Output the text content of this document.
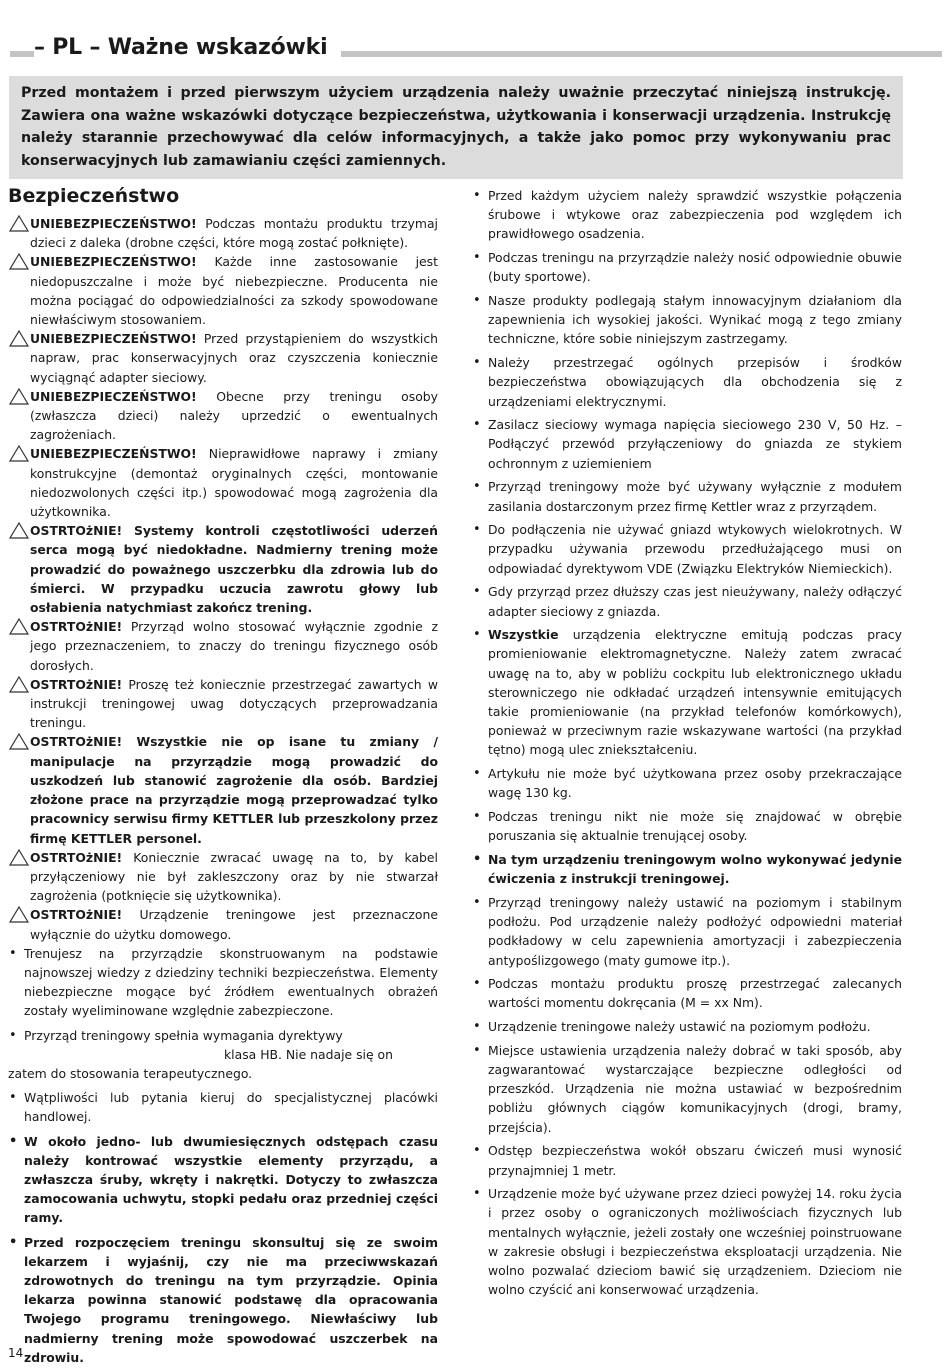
– PL – Ważne wskazówki
Przed montażem i przed pierwszym użyciem urządzenia należy uważnie przeczytać niniejszą instrukcję. Zawiera ona ważne wskazówki dotyczące bezpieczeństwa, użytkowania i konserwacji urządzenia. Instrukcję należy starannie przechowywać dla celów informacyjnych, a także jako pomoc przy wykonywaniu prac konserwacyjnych lub zamawianiu części zamiennych.
Bezpieczeństwo
UNIEBEZPIECZEŃSTWO! Podczas montażu produktu trzymaj dzieci z daleka (drobne części, które mogą zostać połknięte).
UNIEBEZPIECZEŃSTWO! Każde inne zastosowanie jest niedopuszczalne i może być niebezpieczne. Producenta nie można pociągać do odpowiedzialności za szkody spowodowane niewłaściwym stosowaniem.
UNIEBEZPIECZEŃSTWO! Przed przystąpieniem do wszystkich napraw, prac konserwacyjnych oraz czyszczenia koniecznie wyciągnąć adapter sieciowy.
UNIEBEZPIECZEŃSTWO! Obecne przy treningu osoby (zwłaszcza dzieci) należy uprzedzić o ewentualnych zagrożeniach.
UNIEBEZPIECZEŃSTWO! Nieprawidłowe naprawy i zmiany konstrukcyjne (demontaż oryginalnych części, montowanie niedozwolonych części itp.) spowodować mogą zagrożenia dla użytkownika.
OSTRTOżNIE! Systemy kontroli częstotliwości uderzeń serca mogą być niedokładne. Nadmierny trening może prowadzić do poważnego uszczerbku dla zdrowia lub do śmierci. W przypadku uczucia zawrotu głowy lub osłabienia natychmiast zakończ trening.
OSTRTOżNIE! Przyrząd wolno stosować wyłącznie zgodnie z jego przeznaczeniem, to znaczy do treningu fizycznego osób dorosłych.
OSTRTOżNIE! Proszę też koniecznie przestrzegać zawartych w instrukcji treningowej uwag dotyczących przeprowadzania treningu.
OSTRTOżNIE! Wszystkie nie op isane tu zmiany / manipulacje na przyrządzie mogą prowadzić do uszkodzeń lub stanowić zagrożenie dla osób. Bardziej złożone prace na przyrządzie mogą przeprowadzać tylko pracownicy serwisu firmy KETTLER lub przeszkolony przez firmę KETTLER personel.
OSTRTOżNIE! Koniecznie zwracać uwagę na to, by kabel przyłączeniowy nie był zakleszczony oraz by nie stwarzał zagrożenia (potknięcie się użytkownika).
OSTRTOżNIE! Urządzenie treningowe jest przeznaczone wyłącznie do użytku domowego.
• Trenujesz na przyrządzie skonstruowanym na podstawie najnowszej wiedzy z dziedziny techniki bezpieczeństwa. Elementy niebezpieczne mogące być źródłem ewentualnych obrażeń zostały wyeliminowane względnie zabezpieczone.
• Przyrząd treningowy spełnia wymagania dyrektywy
klasa HB. Nie nadaje się on
zatem do stosowania terapeutycznego.
• Wątpliwości lub pytania kieruj do specjalistycznej placówki handlowej.
• W około jedno- lub dwumiesięcznych odstępach czasu należy kontrować wszystkie elementy przyrządu, a zwłaszcza śruby, wkręty i nakrętki. Dotyczy to zwłaszcza zamocowania uchwytu, stopki pedału oraz przedniej części ramy.
• Przed rozpoczęciem treningu skonsultuj się ze swoim lekarzem i wyjaśnij, czy nie ma przeciwwskazań zdrowotnych do treningu na tym przyrządzie. Opinia lekarza powinna stanowić podstawę dla opracowania Twojego programu treningowego. Niewłaściwy lub nadmierny trening może spowodować uszczerbek na zdrowiu.
• Przed każdym użyciem należy sprawdzić wszystkie połączenia śrubowe i wtykowe oraz zabezpieczenia pod względem ich prawidłowego osadzenia.
• Podczas treningu na przyrządzie należy nosić odpowiednie obuwie (buty sportowe).
• Nasze produkty podlegają stałym innowacyjnym działaniom dla zapewnienia ich wysokiej jakości. Wynikać mogą z tego zmiany techniczne, które sobie niniejszym zastrzegamy.
• Należy przestrzegać ogólnych przepisów i środków bezpieczeństwa obowiązujących dla obchodzenia się z urządzeniami elektrycznymi.
• Zasilacz sieciowy wymaga napięcia sieciowego 230 V, 50 Hz. – Podłączyć przewód przyłączeniowy do gniazda ze stykiem ochronnym z uziemieniem
• Przyrząd treningowy może być używany wyłącznie z modułem zasilania dostarczonym przez firmę Kettler wraz z przyrządem.
• Do podłączenia nie używać gniazd wtykowych wielokrotnych. W przypadku używania przewodu przedłużającego musi on odpowiadać dyrektywom VDE (Związku Elektryków Niemieckich).
• Gdy przyrząd przez dłuższy czas jest nieużywany, należy odłączyć adapter sieciowy z gniazda.
• Wszystkie urządzenia elektryczne emitują podczas pracy promieniowanie elektromagnetyczne. Należy zatem zwracać uwagę na to, aby w pobliżu cockpitu lub elektronicznego układu sterowniczego nie odkładać urządzeń intensywnie emitujących takie promieniowanie (na przykład telefonów komórkowych), ponieważ w przeciwnym razie wskazywane wartości (na przykład tętno) mogą ulec zniekształceniu.
• Artykułu nie może być użytkowana przez osoby przekraczające wagę 130 kg.
• Podczas treningu nikt nie może się znajdować w obrębie poruszania się aktualnie trenującej osoby.
• Na tym urządzeniu treningowym wolno wykonywać jedynie ćwiczenia z instrukcji treningowej.
• Przyrząd treningowy należy ustawić na poziomym i stabilnym podłożu. Pod urządzenie należy podłożyć odpowiedni materiał podkładowy w celu zapewnienia amortyzacji i zabezpieczenia antypoślizgowego (maty gumowe itp.).
• Podczas montażu produktu proszę przestrzegać zalecanych wartości momentu dokręcania (M = xx Nm).
• Urządzenie treningowe należy ustawić na poziomym podłożu.
• Miejsce ustawienia urządzenia należy dobrać w taki sposób, aby zagwarantować wystarczające bezpieczne odległości od przeszkód. Urządzenia nie można ustawiać w bezpośrednim pobliżu głównych ciągów komunikacyjnych (drogi, bramy, przejścia).
• Odstęp bezpieczeństwa wokół obszaru ćwiczeń musi wynosić przynajmniej 1 metr.
• Urządzenie może być używane przez dzieci powyżej 14. roku życia i przez osoby o ograniczonych możliwościach fizycznych lub mentalnych wyłącznie, jeżeli zostały one wcześniej poinstruowane w zakresie obsługi i bezpieczeństwa eksploatacji urządzenia. Nie wolno pozwalać dzieciom bawić się urządzeniem. Dzieciom nie wolno czyścić ani konserwować urządzenia.
14
